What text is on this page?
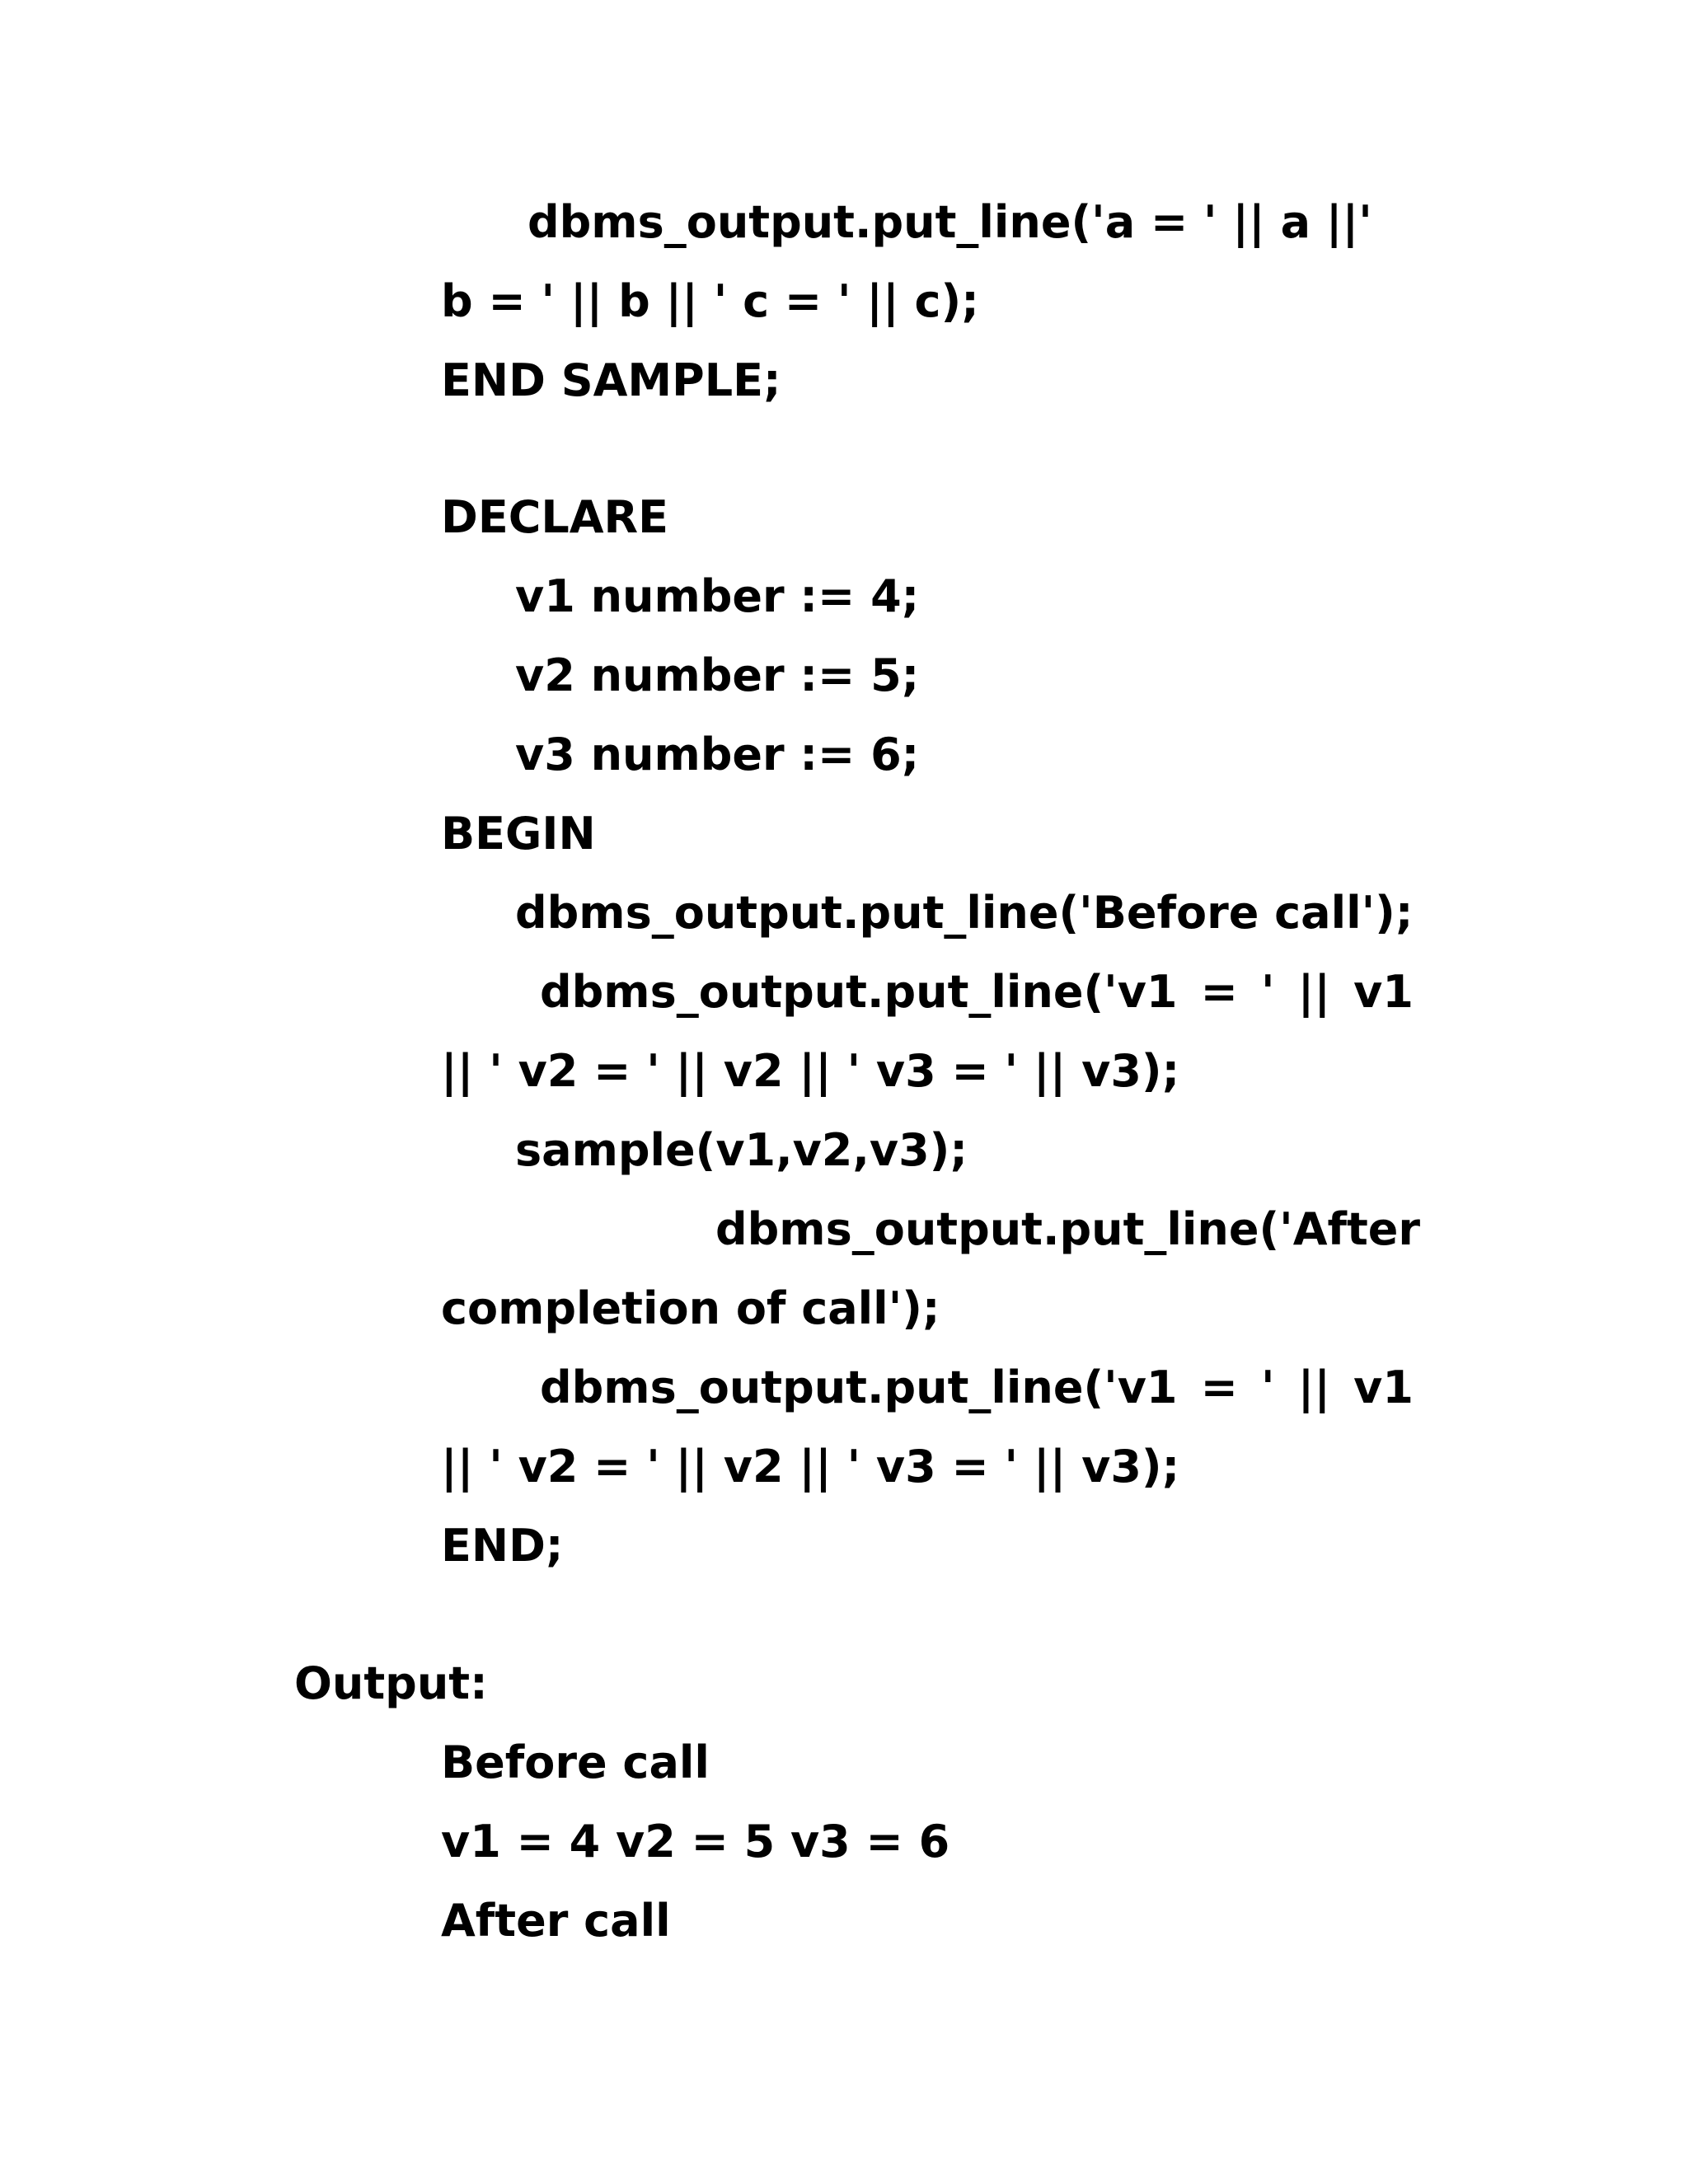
dbms_output.put_line('a = ' || a ||'
b = ' || b || ' c = ' || c);
END SAMPLE;
DECLARE
v1 number := 4;
v2 number := 5;
v3 number := 6;
BEGIN
dbms_output.put_line('Before call');
dbms_output.put_line('v1 = ' || v1
|| ' v2 = ' || v2 || ' v3 = ' || v3);
sample(v1,v2,v3);
dbms_output.put_line('After
completion of call');
dbms_output.put_line('v1 = ' || v1
|| ' v2 = ' || v2 || ' v3 = ' || v3);
END;
Output:
Before call
v1 = 4 v2 = 5 v3 = 6
After call
